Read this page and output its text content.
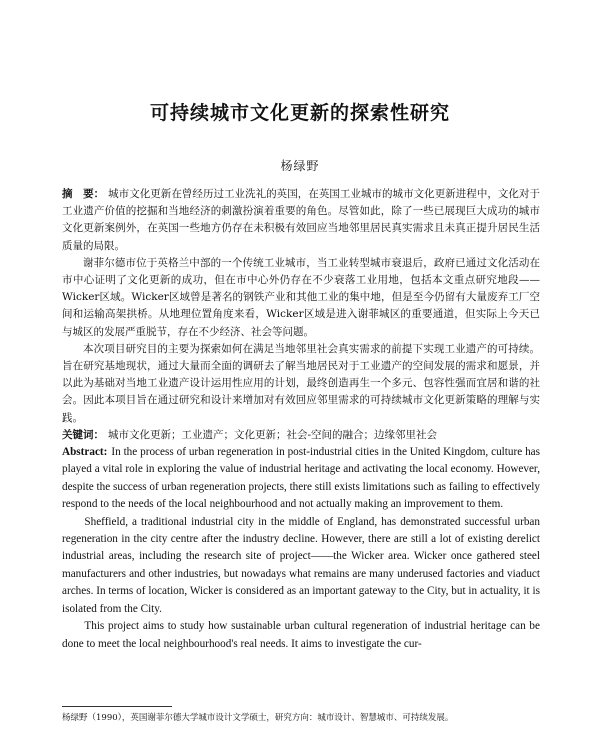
可持续城市文化更新的探索性研究
杨绿野

摘　要： 城市文化更新在曾经历过工业洗礼的英国，在英国工业城市的城市文化更新进程中，文化对于工业遗产价值的挖掘和当地经济的刺激扮演着重要的角色。尽管如此，除了一些已展现巨大成功的城市文化更新案例外，在英国一些地方仍存在未积极有效回应当地邻里居民真实需求且未真正提升居民生活质量的局限。

谢菲尔德市位于英格兰中部的一个传统工业城市，当工业转型城市衰退后，政府已通过文化活动在市中心证明了文化更新的成功，但在市中心外仍存在不少衰落工业用地，包括本文重点研究地段——Wicker区域。Wicker区域曾是著名的钢铁产业和其他工业的集中地，但是至今仍留有大量废弃工厂空间和运输高架拱桥。从地理位置角度来看，Wicker区域是进入谢菲城区的重要通道，但实际上今天已与城区的发展严重脱节，存在不少经济、社会等问题。

本次项目研究目的主要为探索如何在满足当地邻里社会真实需求的前提下实现工业遗产的可持续。旨在研究基地现状，通过大量而全面的调研去了解当地居民对于工业遗产的空间发展的需求和愿景，并以此为基础对当地工业遗产设计运用性应用的计划，最终创造再生一个多元、包容性强而宜居和谐的社会。因此本项目旨在通过研究和设计来增加对有效回应邻里需求的可持续城市文化更新策略的理解与实践。

关键词： 城市文化更新；工业遗产；文化更新；社会-空间的融合；边缘邻里社会

Abstract: In the process of urban regeneration in post-industrial cities in the United Kingdom, culture has played a vital role in exploring the value of industrial heritage and activating the local economy. However, despite the success of urban regeneration projects, there still exists limitations such as failing to effectively respond to the needs of the local neighbourhood and not actually making an improvement to them.

Sheffield, a traditional industrial city in the middle of England, has demonstrated successful urban regeneration in the city centre after the industry decline. However, there are still a lot of existing derelict industrial areas, including the research site of project——the Wicker area. Wicker once gathered steel manufacturers and other industries, but nowadays what remains are many underused factories and viaduct arches. In terms of location, Wicker is considered as an important gateway to the City, but in actuality, it is isolated from the City.

This project aims to study how sustainable urban cultural regeneration of industrial heritage can be done to meet the local neighbourhood's real needs. It aims to investigate the cur-

杨绿野（1990），英国谢菲尔德大学城市设计文学硕士，研究方向：城市设计、智慧城市、可持续发展。
